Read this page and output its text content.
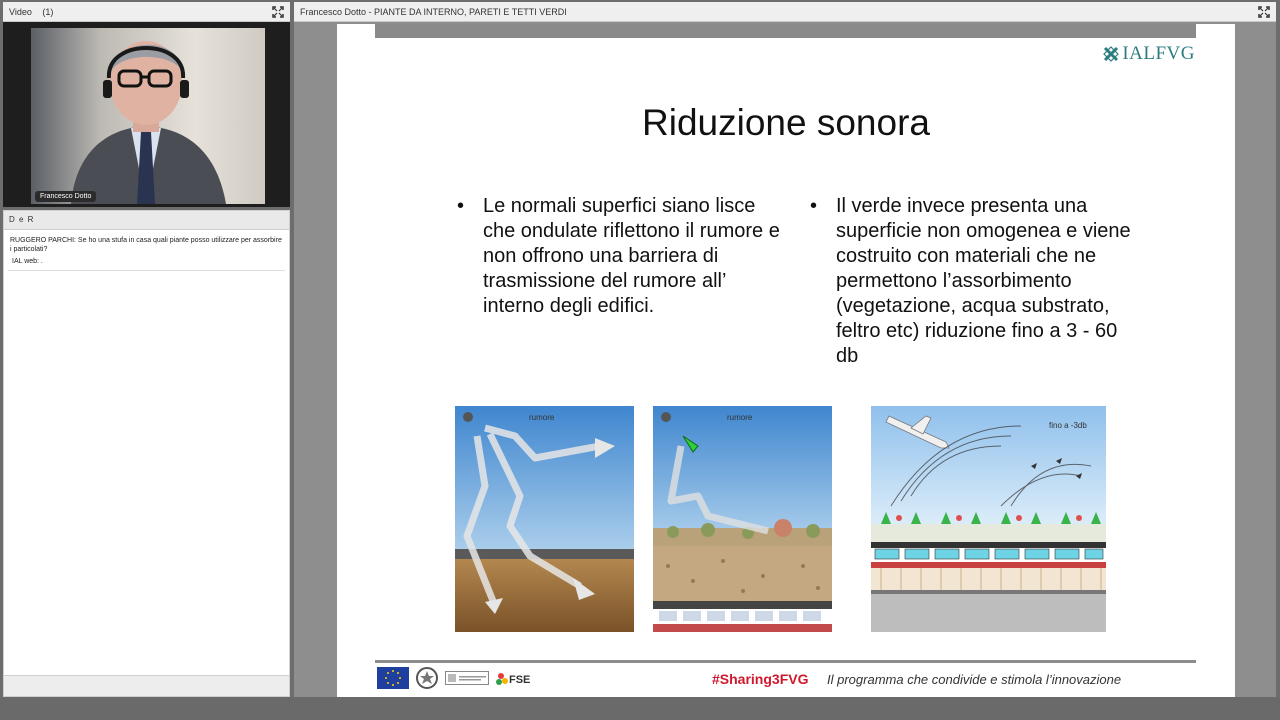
Video (1)
Francesco Dotto
D e R
RUGGERO PARCHI: Se ho una stufa in casa quali piante posso utilizzare per assorbire i particolati?
IAL web: .
Francesco Dotto - PIANTE DA INTERNO, PARETI E TETTI VERDI
IALFVG
Riduzione sonora
• Le normali superfici siano lisce che ondulate riflettono il rumore e non offrono una barriera di trasmissione del rumore all’ interno degli edifici.
• Il verde invece presenta una superficie non omogenea e viene costruito con materiali che ne permettono l’assorbimento (vegetazione, acqua substrato, feltro etc) riduzione fino a 3 - 60 db
rumore	rumore
fino a -3db
FSE	#Sharing3FVG Il programma che condivide e stimola l’innovazione
